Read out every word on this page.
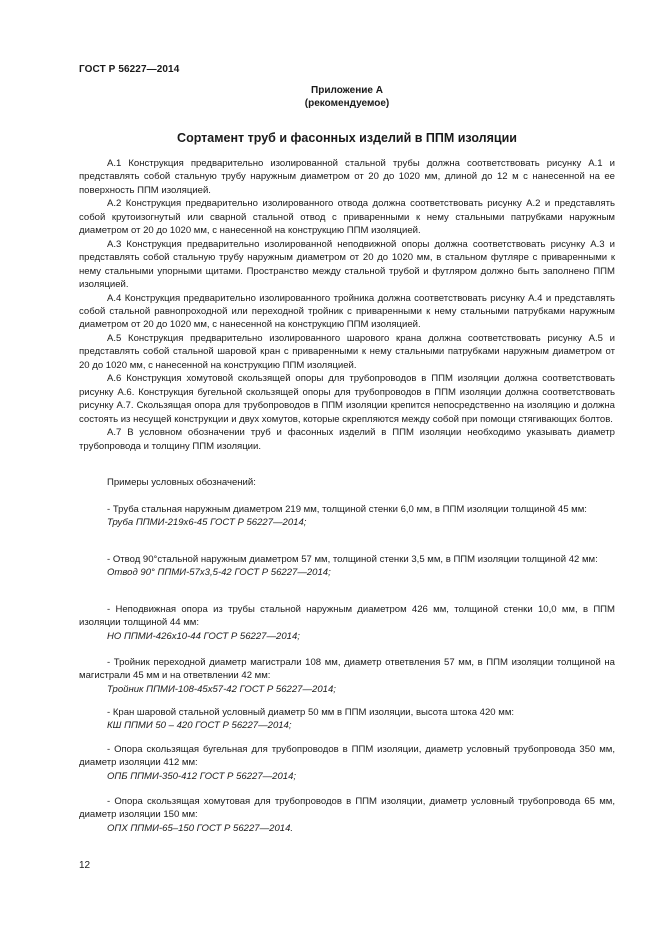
ГОСТ Р 56227—2014
Приложение А
(рекомендуемое)
Сортамент труб и фасонных изделий в ППМ изоляции

А.1 Конструкция предварительно изолированной стальной трубы должна соответствовать рисунку А.1 и представлять собой стальную трубу наружным диаметром от 20 до 1020 мм, длиной до 12 м с нанесенной на ее поверхность ППМ изоляцией.

А.2 Конструкция предварительно изолированного отвода должна соответствовать рисунку А.2 и представлять собой крутоизогнутый или сварной стальной отвод с приваренными к нему стальными патрубками наружным диаметром от 20 до 1020 мм, с нанесенной на конструкцию ППМ изоляцией.

А.3 Конструкция предварительно изолированной неподвижной опоры должна соответствовать рисунку А.3 и представлять собой стальную трубу наружным диаметром от 20 до 1020 мм, в стальном футляре с приваренными к нему стальными упорными щитами. Пространство между стальной трубой и футляром должно быть заполнено ППМ изоляцией.

А.4 Конструкция предварительно изолированного тройника должна соответствовать рисунку А.4 и представлять собой стальной равнопроходной или переходной тройник с приваренными к нему стальными патрубками наружным диаметром от 20 до 1020 мм, с нанесенной на конструкцию ППМ изоляцией.

А.5 Конструкция предварительно изолированного шарового крана должна соответствовать рисунку А.5 и представлять собой стальной шаровой кран с приваренными к нему стальными патрубками наружным диаметром от 20 до 1020 мм, с нанесенной на конструкцию ППМ изоляцией.

А.6 Конструкция хомутовой скользящей опоры для трубопроводов в ППМ изоляции должна соответствовать рисунку А.6. Конструкция бугельной скользящей опоры для трубопроводов в ППМ изоляции должна соответствовать рисунку А.7. Скользящая опора для трубопроводов в ППМ изоляции крепится непосредственно на изоляцию и должна состоять из несущей конструкции и двух хомутов, которые скрепляются между собой при помощи стягивающих болтов.

А.7 В условном обозначении труб и фасонных изделий в ППМ изоляции необходимо указывать диаметр трубопровода и толщину ППМ изоляции.

Примеры условных обозначений:

- Труба стальная наружным диаметром 219 мм, толщиной стенки 6,0 мм, в ППМ изоляции толщиной 45 мм:

Труба ППМИ-219х6-45 ГОСТ Р 56227—2014;

- Отвод 90°стальной наружным диаметром 57 мм, толщиной стенки 3,5 мм, в ППМ изоляции толщиной 42 мм:

Отвод 90° ППМИ-57х3,5-42 ГОСТ Р 56227—2014;

- Неподвижная опора из трубы стальной наружным диаметром 426 мм, толщиной стенки 10,0 мм, в ППМ изоляции толщиной 44 мм:

НО ППМИ-426х10-44 ГОСТ Р 56227—2014;

- Тройник переходной диаметр магистрали 108 мм, диаметр ответвления 57 мм, в ППМ изоляции толщиной на магистрали 45 мм и на ответвлении 42 мм:

Тройник ППМИ-108-45х57-42 ГОСТ Р 56227—2014;

- Кран шаровой стальной условный диаметр 50 мм в ППМ изоляции, высота штока 420 мм:

КШ ППМИ 50 – 420 ГОСТ Р 56227—2014;

- Опора скользящая бугельная для трубопроводов в ППМ изоляции, диаметр условный трубопровода 350 мм, диаметр изоляции 412 мм:

ОПБ ППМИ-350-412 ГОСТ Р 56227—2014;

- Опора скользящая хомутовая для трубопроводов в ППМ изоляции, диаметр условный трубопровода 65 мм, диаметр изоляции 150 мм:

ОПХ ППМИ-65–150 ГОСТ Р 56227—2014.

12
